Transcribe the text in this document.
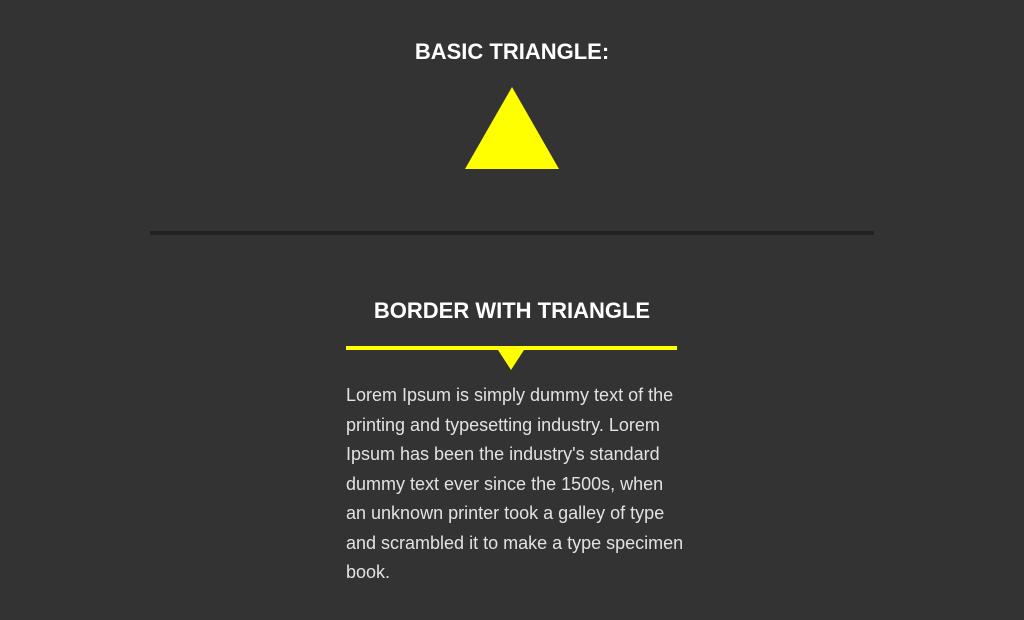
BASIC TRIANGLE:
BORDER WITH TRIANGLE

Lorem Ipsum is simply dummy text of the printing and typesetting industry. Lorem Ipsum has been the industry's standard dummy text ever since the 1500s, when an unknown printer took a galley of type and scrambled it to make a type specimen book.
